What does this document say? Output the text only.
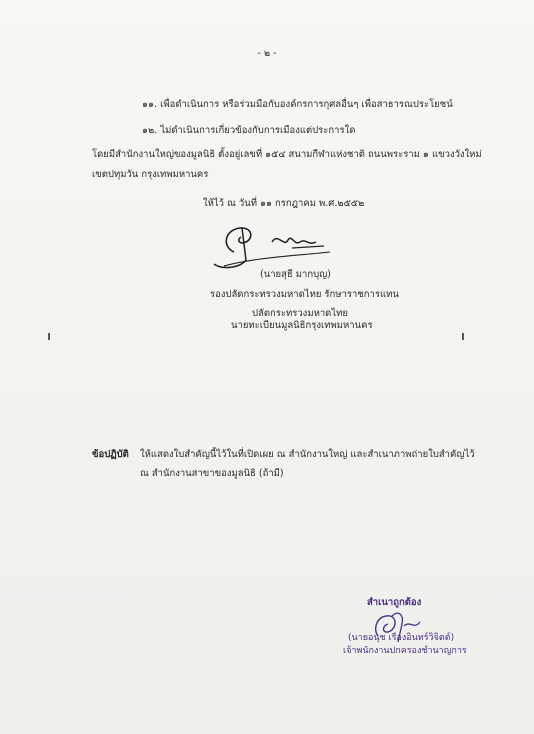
- ๒ -
๑๑. เพื่อดำเนินการ หรือร่วมมือกับองค์กรการกุศลอื่นๆ เพื่อสาธารณประโยชน์
๑๒. ไม่ดำเนินการเกี่ยวข้องกับการเมืองแต่ประการใด
โดยมีสำนักงานใหญ่ของมูลนิธิ ตั้งอยู่เลขที่ ๑๕๔ สนามกีฬาแห่งชาติ ถนนพระราม ๑ แขวงวังใหม่
เขตปทุมวัน กรุงเทพมหานคร
ให้ไว้ ณ วันที่ ๑๑ กรกฎาคม พ.ศ.๒๕๕๒
(นายสุธี มากบุญ)
รองปลัดกระทรวงมหาดไทย รักษาราชการแทน
ปลัดกระทรวงมหาดไทย
นายทะเบียนมูลนิธิกรุงเทพมหานคร
ข้อปฏิบัติ ให้แสดงใบสำคัญนี้ไว้ในที่เปิดเผย ณ สำนักงานใหญ่ และสำเนาภาพถ่ายใบสำคัญไว้
ณ สำนักงานสาขาของมูลนิธิ (ถ้ามี)
สำเนาถูกต้อง
(นายอนุช เรืองอินทร์วิจิตต์)
เจ้าพนักงานปกครองชำนาญการ
